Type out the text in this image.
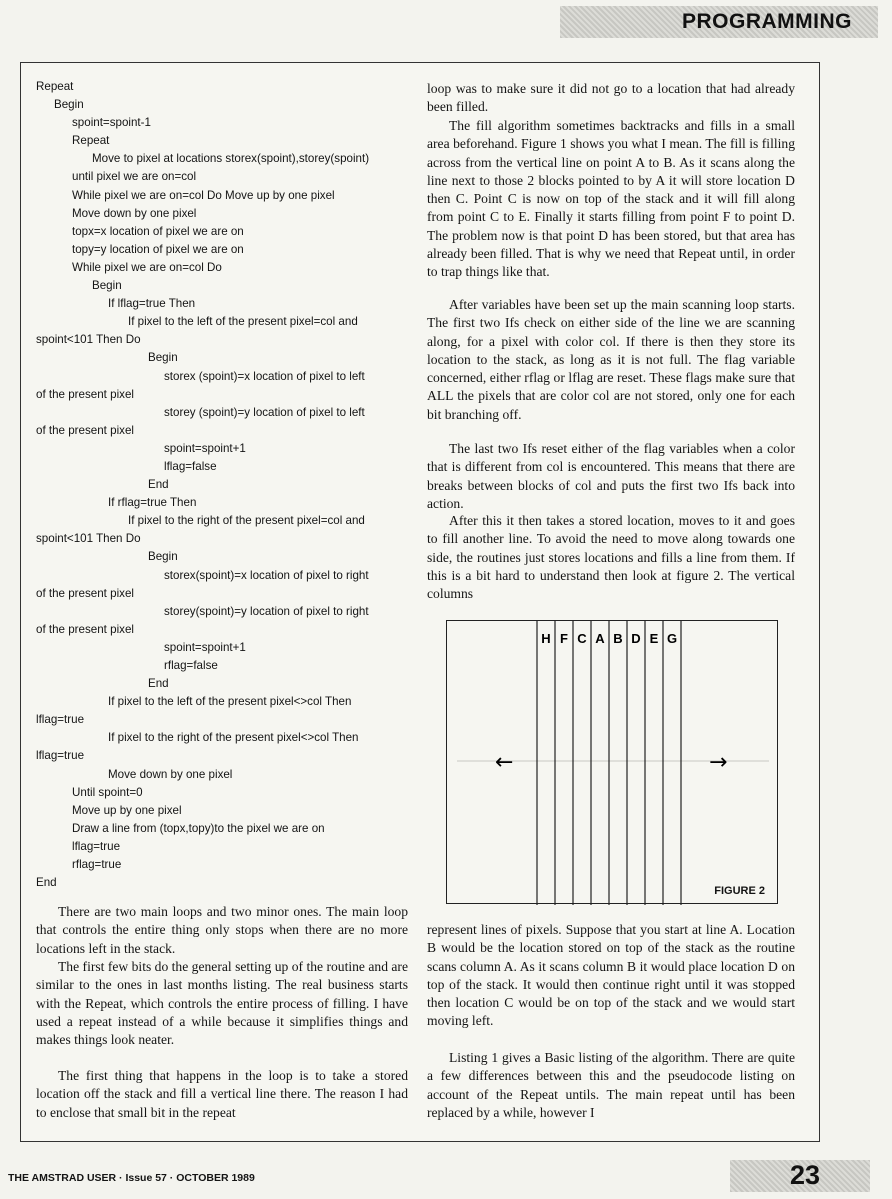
PROGRAMMING
Repeat
Begin
spoint=spoint-1
Repeat
Move to pixel at locations storex(spoint),storey(spoint)
until pixel we are on=col
While pixel we are on=col Do Move up by one pixel
Move down by one pixel
topx=x location of pixel we are on
topy=y location of pixel we are on
While pixel we are on=col Do
Begin
If lflag=true Then
If pixel to the left of the present pixel=col and
spoint<101 Then Do
Begin
storex (spoint)=x location of pixel to left
of the present pixel
storey (spoint)=y location of pixel to left
of the present pixel
spoint=spoint+1
lflag=false
End
If rflag=true Then
If pixel to the right of the present pixel=col and
spoint<101 Then Do
Begin
storex(spoint)=x location of pixel to right
of the present pixel
storey(spoint)=y location of pixel to right
of the present pixel
spoint=spoint+1
rflag=false
End
If pixel to the left of the present pixel<>col Then
lflag=true
If pixel to the right of the present pixel<>col Then
lflag=true
Move down by one pixel
Until spoint=0
Move up by one pixel
Draw a line from (topx,topy)to the pixel we are on
lflag=true
rflag=true
End
There are two main loops and two minor ones. The main loop that controls the entire thing only stops when there are no more locations left in the stack.
The first few bits do the general setting up of the routine and are similar to the ones in last months listing. The real business starts with the Repeat, which controls the entire process of filling. I have used a repeat instead of a while because it simplifies things and makes things look neater.
The first thing that happens in the loop is to take a stored location off the stack and fill a vertical line there. The reason I had to enclose that small bit in the repeat
loop was to make sure it did not go to a location that had already been filled.
The fill algorithm sometimes backtracks and fills in a small area beforehand. Figure 1 shows you what I mean. The fill is filling across from the vertical line on point A to B. As it scans along the line next to those 2 blocks pointed to by A it will store location D then C. Point C is now on top of the stack and it will fill along from point C to E. Finally it starts filling from point F to point D. The problem now is that point D has been stored, but that area has already been filled. That is why we need that Repeat until, in order to trap things like that.
After variables have been set up the main scanning loop starts. The first two Ifs check on either side of the line we are scanning along, for a pixel with color col. If there is then they store its location to the stack, as long as it is not full. The flag variable concerned, either rflag or lflag are reset. These flags make sure that ALL the pixels that are color col are not stored, only one for each bit branching off.
The last two Ifs reset either of the flag variables when a color that is different from col is encountered. This means that there are breaks between blocks of col and puts the first two Ifs back into action.
After this it then takes a stored location, moves to it and goes to fill another line. To avoid the need to move along towards one side, the routines just stores locations and fills a line from them. If this is a bit hard to understand then look at figure 2. The vertical columns
H F C A B D E G
←	→
FIGURE 2
represent lines of pixels. Suppose that you start at line A. Location B would be the location stored on top of the stack as the routine scans column A. As it scans column B it would place location D on top of the stack. It would then continue right until it was stopped then location C would be on top of the stack and we would start moving left.
Listing 1 gives a Basic listing of the algorithm. There are quite a few differences between this and the pseudocode listing on account of the Repeat untils. The main repeat until has been replaced by a while, however I
THE AMSTRAD USER · Issue 57 · OCTOBER 1989	23
